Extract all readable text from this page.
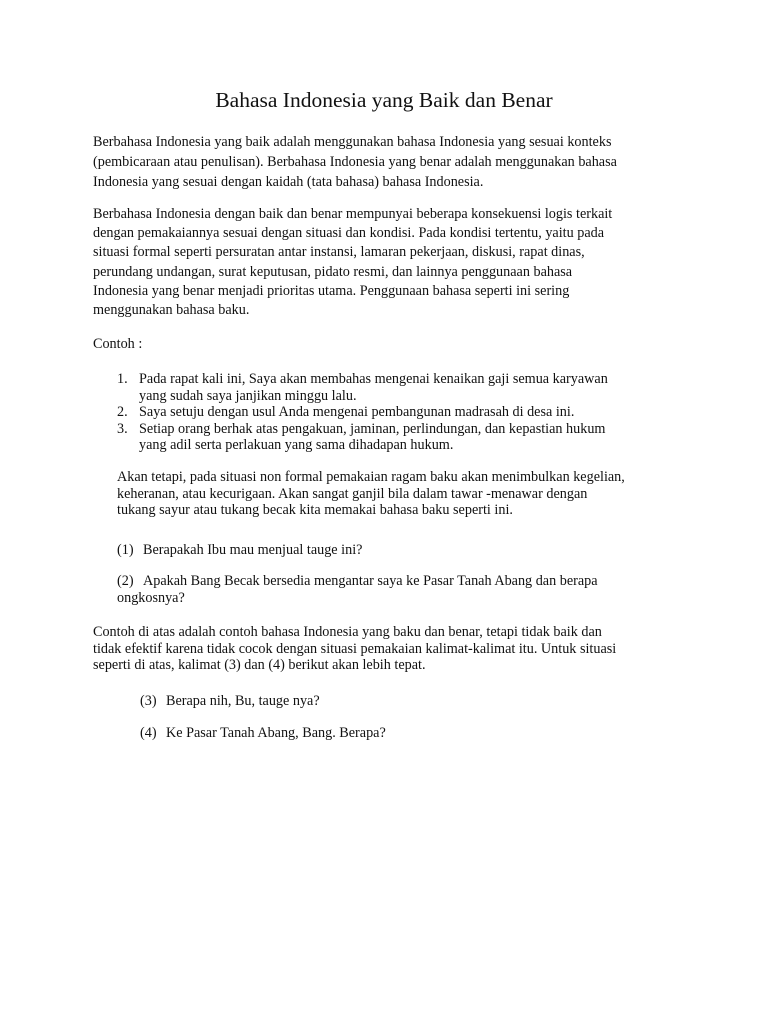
Bahasa Indonesia yang Baik dan Benar

Berbahasa Indonesia yang baik adalah menggunakan bahasa Indonesia yang sesuai konteks
(pembicaraan atau penulisan). Berbahasa Indonesia yang benar adalah menggunakan bahasa
Indonesia yang sesuai dengan kaidah (tata bahasa) bahasa Indonesia.

Berbahasa Indonesia dengan baik dan benar mempunyai beberapa konsekuensi logis terkait
dengan pemakaiannya sesuai dengan situasi dan kondisi. Pada kondisi tertentu, yaitu pada
situasi formal seperti persuratan antar instansi, lamaran pekerjaan, diskusi, rapat dinas,
perundang undangan, surat keputusan, pidato resmi, dan lainnya penggunaan bahasa
Indonesia yang benar menjadi prioritas utama. Penggunaan bahasa seperti ini sering
menggunakan bahasa baku.

Contoh :

1. Pada rapat kali ini, Saya akan membahas mengenai kenaikan gaji semua karyawan
yang sudah saya janjikan minggu lalu.
2. Saya setuju dengan usul Anda mengenai pembangunan madrasah di desa ini.
3. Setiap orang berhak atas pengakuan, jaminan, perlindungan, dan kepastian hukum
yang adil serta perlakuan yang sama dihadapan hukum.

Akan tetapi, pada situasi non formal pemakaian ragam baku akan menimbulkan kegelian,
keheranan, atau kecurigaan. Akan sangat ganjil bila dalam tawar -menawar dengan
tukang sayur atau tukang becak kita memakai bahasa baku seperti ini.

(1) Berapakah Ibu mau menjual tauge ini?

(2) Apakah Bang Becak bersedia mengantar saya ke Pasar Tanah Abang dan berapa
ongkosnya?

Contoh di atas adalah contoh bahasa Indonesia yang baku dan benar, tetapi tidak baik dan
tidak efektif karena tidak cocok dengan situasi pemakaian kalimat-kalimat itu. Untuk situasi
seperti di atas, kalimat (3) dan (4) berikut akan lebih tepat.

(3) Berapa nih, Bu, tauge nya?

(4) Ke Pasar Tanah Abang, Bang. Berapa?
